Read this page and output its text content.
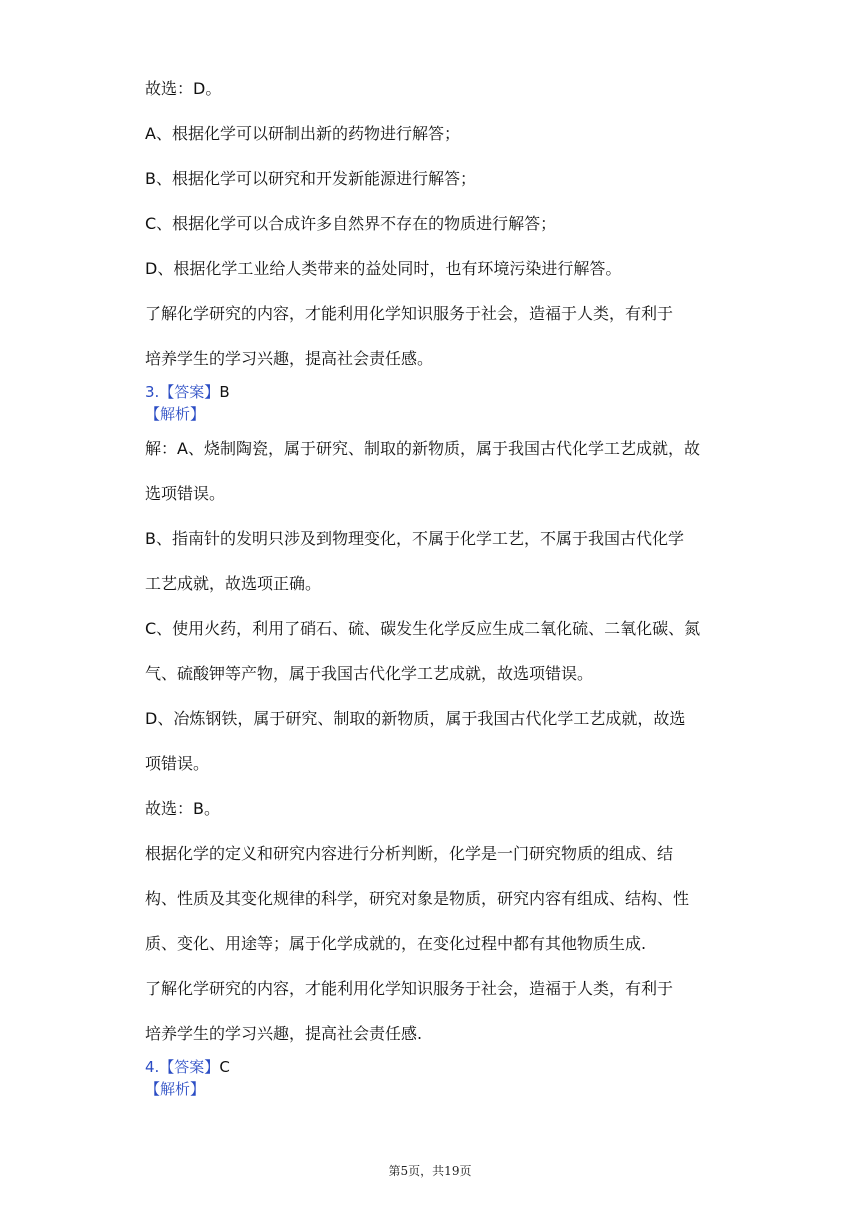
故选：D。
A、根据化学可以研制出新的药物进行解答；
B、根据化学可以研究和开发新能源进行解答；
C、根据化学可以合成许多自然界不存在的物质进行解答；
D、根据化学工业给人类带来的益处同时，也有环境污染进行解答。
了解化学研究的内容，才能利用化学知识服务于社会，造福于人类，有利于
培养学生的学习兴趣，提高社会责任感。
3.【答案】B
【解析】
解：A、烧制陶瓷，属于研究、制取的新物质，属于我国古代化学工艺成就，故
选项错误。
B、指南针的发明只涉及到物理变化，不属于化学工艺，不属于我国古代化学
工艺成就，故选项正确。
C、使用火药，利用了硝石、硫、碳发生化学反应生成二氧化硫、二氧化碳、氮
气、硫酸钾等产物，属于我国古代化学工艺成就，故选项错误。
D、冶炼钢铁，属于研究、制取的新物质，属于我国古代化学工艺成就，故选
项错误。
故选：B。
根据化学的定义和研究内容进行分析判断，化学是一门研究物质的组成、结
构、性质及其变化规律的科学，研究对象是物质，研究内容有组成、结构、性
质、变化、用途等；属于化学成就的，在变化过程中都有其他物质生成.
了解化学研究的内容，才能利用化学知识服务于社会，造福于人类，有利于
培养学生的学习兴趣，提高社会责任感.
4.【答案】C
【解析】
第5页，共19页
